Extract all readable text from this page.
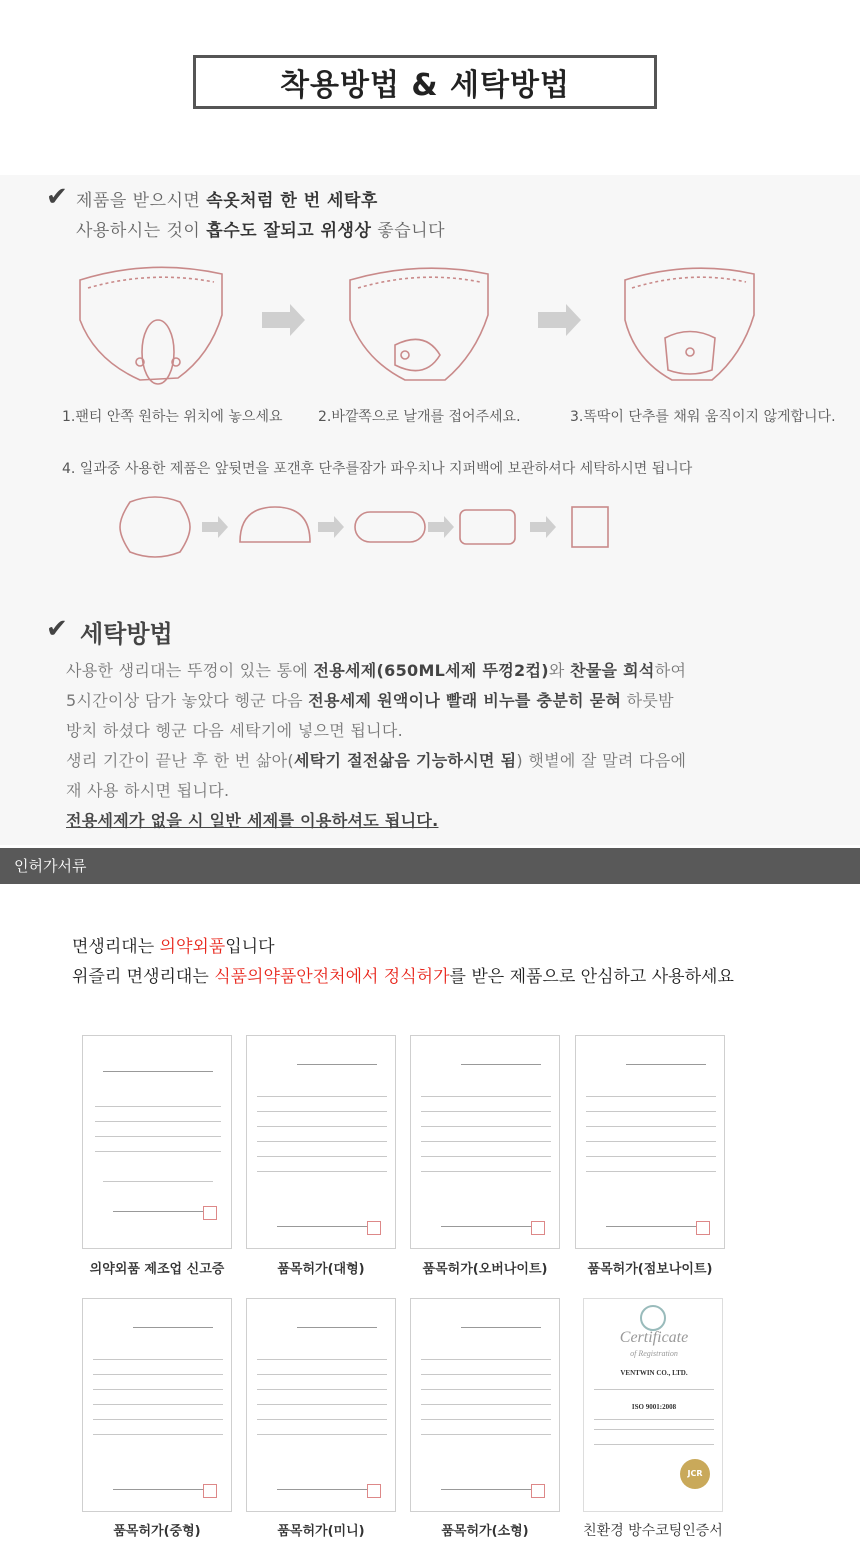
착용방법 & 세탁방법
✔ 제품을 받으시면 속옷처럼 한 번 세탁후
사용하시는 것이 흡수도 잘되고 위생상 좋습니다
1.팬티 안쪽 원하는 위치에 놓으세요	2.바깥쪽으로 날개를 접어주세요.	3.똑딱이 단추를 채워 움직이지 않게합니다.
4. 일과중 사용한 제품은 앞뒷면을 포갠후 단추를잠가 파우치나 지퍼백에 보관하셔다 세탁하시면 됩니다
✔ 세탁방법
사용한 생리대는 뚜껑이 있는 통에 전용세제(650ML세제 뚜껑2컵)와 찬물을 희석하여
5시간이상 담가 놓았다 헹군 다음 전용세제 원액이나 빨래 비누를 충분히 묻혀 하룻밤
방치 하셨다 헹군 다음 세탁기에 넣으면 됩니다.
생리 기간이 끝난 후 한 번 삶아(세탁기 절전삶음 기능하시면 됨) 햇볕에 잘 말려 다음에
재 사용 하시면 됩니다.
전용세제가 없을 시 일반 세제를 이용하셔도 됩니다.
인허가서류
면생리대는 의약외품입니다
위즐리 면생리대는 식품의약품안전처에서 정식허가를 받은 제품으로 안심하고 사용하세요
의약외품 제조업 신고증	품목허가(대형)	품목허가(오버나이트)	품목허가(점보나이트)
품목허가(중형)	품목허가(미니)	품목허가(소형)
Certificate
of Registration
VENTWIN CO., LTD.
ISO 9001:2008
JCR
친환경 방수코팅인증서
